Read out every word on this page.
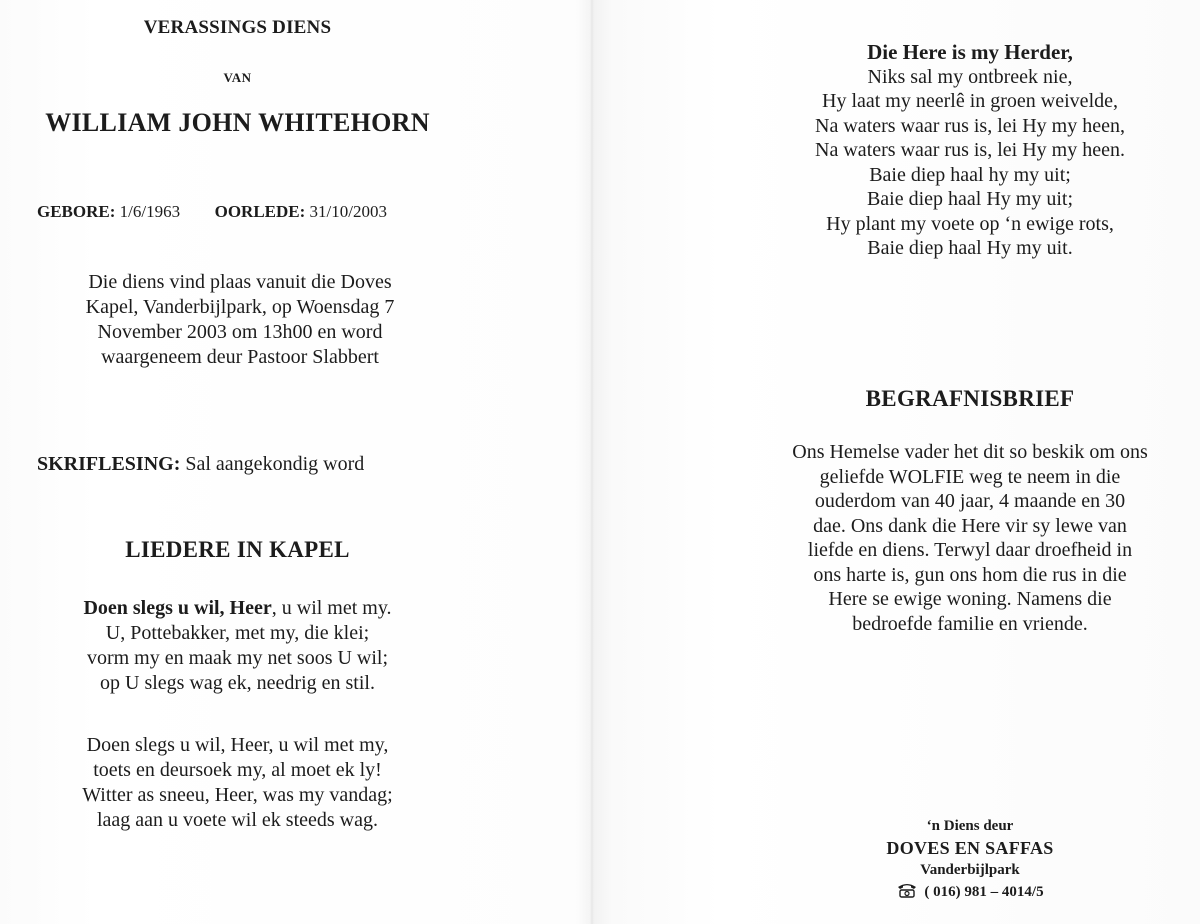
VERASSINGS DIENS
VAN
WILLIAM JOHN WHITEHORN
GEBORE: 1/6/1963 OORLEDE: 31/10/2003
Die diens vind plaas vanuit die Doves
Kapel, Vanderbijlpark, op Woensdag 7
November 2003 om 13h00 en word
waargeneem deur Pastoor Slabbert
SKRIFLESING: Sal aangekondig word
LIEDERE IN KAPEL
Doen slegs u wil, Heer, u wil met my.
U, Pottebakker, met my, die klei;
vorm my en maak my net soos U wil;
op U slegs wag ek, needrig en stil.
Doen slegs u wil, Heer, u wil met my,
toets en deursoek my, al moet ek ly!
Witter as sneeu, Heer, was my vandag;
laag aan u voete wil ek steeds wag.
Die Here is my Herder,
Niks sal my ontbreek nie,
Hy laat my neerlê in groen weivelde,
Na waters waar rus is, lei Hy my heen,
Na waters waar rus is, lei Hy my heen.
Baie diep haal hy my uit;
Baie diep haal Hy my uit;
Hy plant my voete op ‘n ewige rots,
Baie diep haal Hy my uit.
BEGRAFNISBRIEF
Ons Hemelse vader het dit so beskik om ons
geliefde WOLFIE weg te neem in die
ouderdom van 40 jaar, 4 maande en 30
dae. Ons dank die Here vir sy lewe van
liefde en diens. Terwyl daar droefheid in
ons harte is, gun ons hom die rus in die
Here se ewige woning. Namens die
bedroefde familie en vriende.
‘n Diens deur
DOVES EN SAFFAS
Vanderbijlpark
( 016) 981 – 4014/5
